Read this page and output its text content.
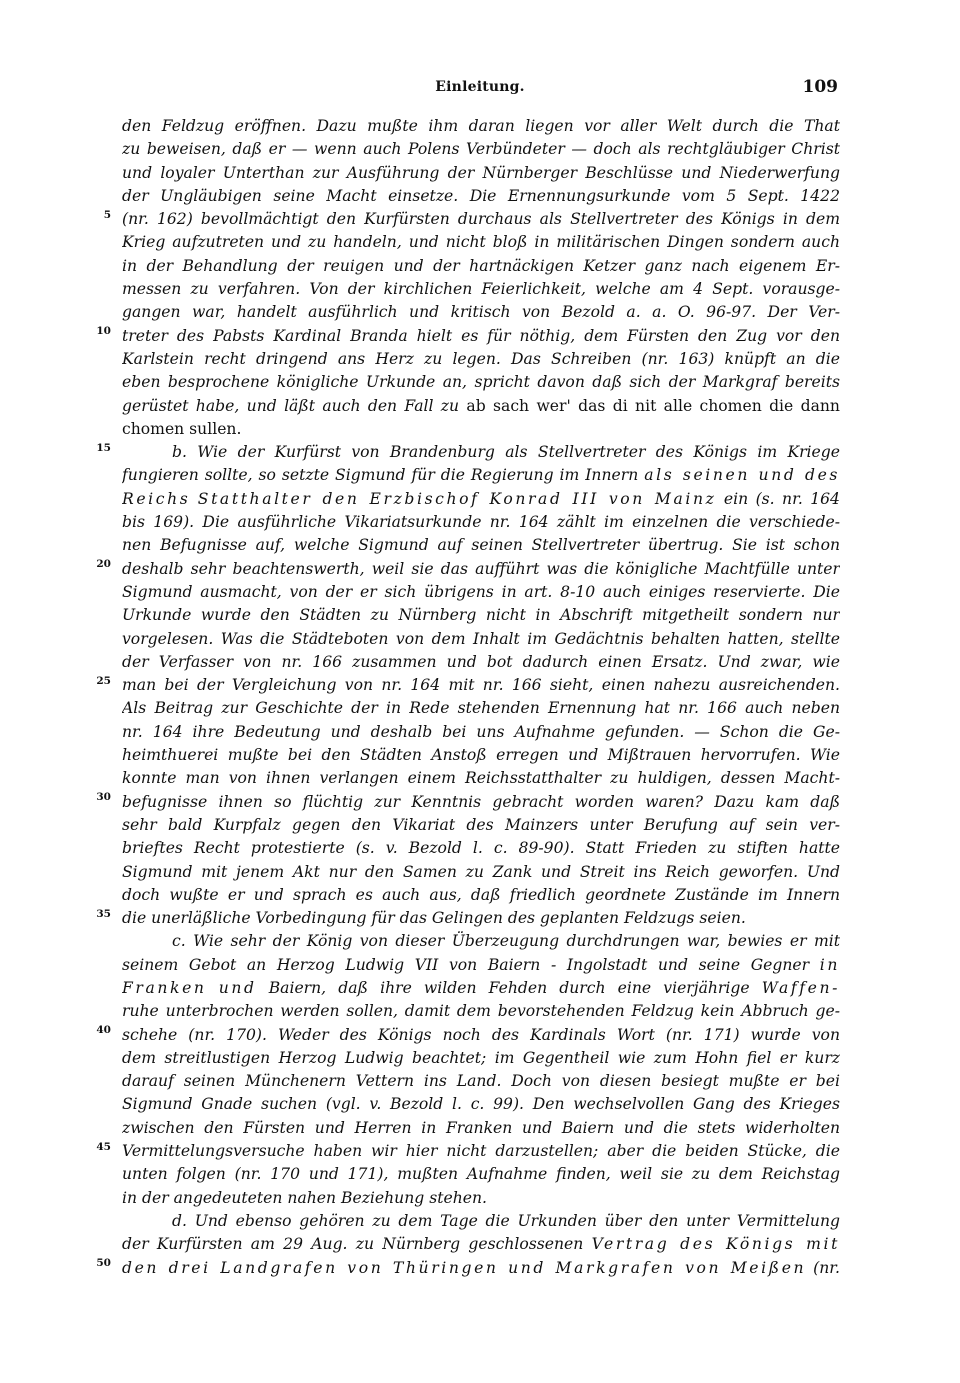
Einleitung.	109
5
10
15
20
25
30
35
40
45
50
den Feldzug eröffnen. Dazu mußte ihm daran liegen vor aller Welt durch die That
zu beweisen, daß er — wenn auch Polens Verbündeter — doch als rechtgläubiger Christ
und loyaler Unterthan zur Ausführung der Nürnberger Beschlüsse und Niederwerfung
der Ungläubigen seine Macht einsetze. Die Ernennungsurkunde vom 5 Sept. 1422
(nr. 162) bevollmächtigt den Kurfürsten durchaus als Stellvertreter des Königs in dem
Krieg aufzutreten und zu handeln, und nicht bloß in militärischen Dingen sondern auch
in der Behandlung der reuigen und der hartnäckigen Ketzer ganz nach eigenem Er-
messen zu verfahren. Von der kirchlichen Feierlichkeit, welche am 4 Sept. vorausge-
gangen war, handelt ausführlich und kritisch von Bezold a. a. O. 96-97. Der Ver-
treter des Pabsts Kardinal Branda hielt es für nöthig, dem Fürsten den Zug vor den
Karlstein recht dringend ans Herz zu legen. Das Schreiben (nr. 163) knüpft an die
eben besprochene königliche Urkunde an, spricht davon daß sich der Markgraf bereits
gerüstet habe, und läßt auch den Fall zu ab sach wer' das di nit alle chomen die dann
chomen sullen.
b. Wie der Kurfürst von Brandenburg als Stellvertreter des Königs im Kriege
fungieren sollte, so setzte Sigmund für die Regierung im Innern als seinen und des
Reichs Statthalter den Erzbischof Konrad III von Mainz ein (s. nr. 164
bis 169). Die ausführliche Vikariatsurkunde nr. 164 zählt im einzelnen die verschiede-
nen Befugnisse auf, welche Sigmund auf seinen Stellvertreter übertrug. Sie ist schon
deshalb sehr beachtenswerth, weil sie das aufführt was die königliche Machtfülle unter
Sigmund ausmacht, von der er sich übrigens in art. 8-10 auch einiges reservierte. Die
Urkunde wurde den Städten zu Nürnberg nicht in Abschrift mitgetheilt sondern nur
vorgelesen. Was die Städteboten von dem Inhalt im Gedächtnis behalten hatten, stellte
der Verfasser von nr. 166 zusammen und bot dadurch einen Ersatz. Und zwar, wie
man bei der Vergleichung von nr. 164 mit nr. 166 sieht, einen nahezu ausreichenden.
Als Beitrag zur Geschichte der in Rede stehenden Ernennung hat nr. 166 auch neben
nr. 164 ihre Bedeutung und deshalb bei uns Aufnahme gefunden. — Schon die Ge-
heimthuerei mußte bei den Städten Anstoß erregen und Mißtrauen hervorrufen. Wie
konnte man von ihnen verlangen einem Reichsstatthalter zu huldigen, dessen Macht-
befugnisse ihnen so flüchtig zur Kenntnis gebracht worden waren? Dazu kam daß
sehr bald Kurpfalz gegen den Vikariat des Mainzers unter Berufung auf sein ver-
brieftes Recht protestierte (s. v. Bezold l. c. 89-90). Statt Frieden zu stiften hatte
Sigmund mit jenem Akt nur den Samen zu Zank und Streit ins Reich geworfen. Und
doch wußte er und sprach es auch aus, daß friedlich geordnete Zustände im Innern
die unerläßliche Vorbedingung für das Gelingen des geplanten Feldzugs seien.
c. Wie sehr der König von dieser Überzeugung durchdrungen war, bewies er mit
seinem Gebot an Herzog Ludwig VII von Baiern - Ingolstadt und seine Gegner in
Franken und Baiern, daß ihre wilden Fehden durch eine vierjährige Waffen-
ruhe unterbrochen werden sollen, damit dem bevorstehenden Feldzug kein Abbruch ge-
schehe (nr. 170). Weder des Königs noch des Kardinals Wort (nr. 171) wurde von
dem streitlustigen Herzog Ludwig beachtet; im Gegentheil wie zum Hohn fiel er kurz
darauf seinen Münchenern Vettern ins Land. Doch von diesen besiegt mußte er bei
Sigmund Gnade suchen (vgl. v. Bezold l. c. 99). Den wechselvollen Gang des Krieges
zwischen den Fürsten und Herren in Franken und Baiern und die stets widerholten
Vermittelungsversuche haben wir hier nicht darzustellen; aber die beiden Stücke, die
unten folgen (nr. 170 und 171), mußten Aufnahme finden, weil sie zu dem Reichstag
in der angedeuteten nahen Beziehung stehen.
d. Und ebenso gehören zu dem Tage die Urkunden über den unter Vermittelung
der Kurfürsten am 29 Aug. zu Nürnberg geschlossenen Vertrag des Königs mit
den drei Landgrafen von Thüringen und Markgrafen von Meißen (nr.
